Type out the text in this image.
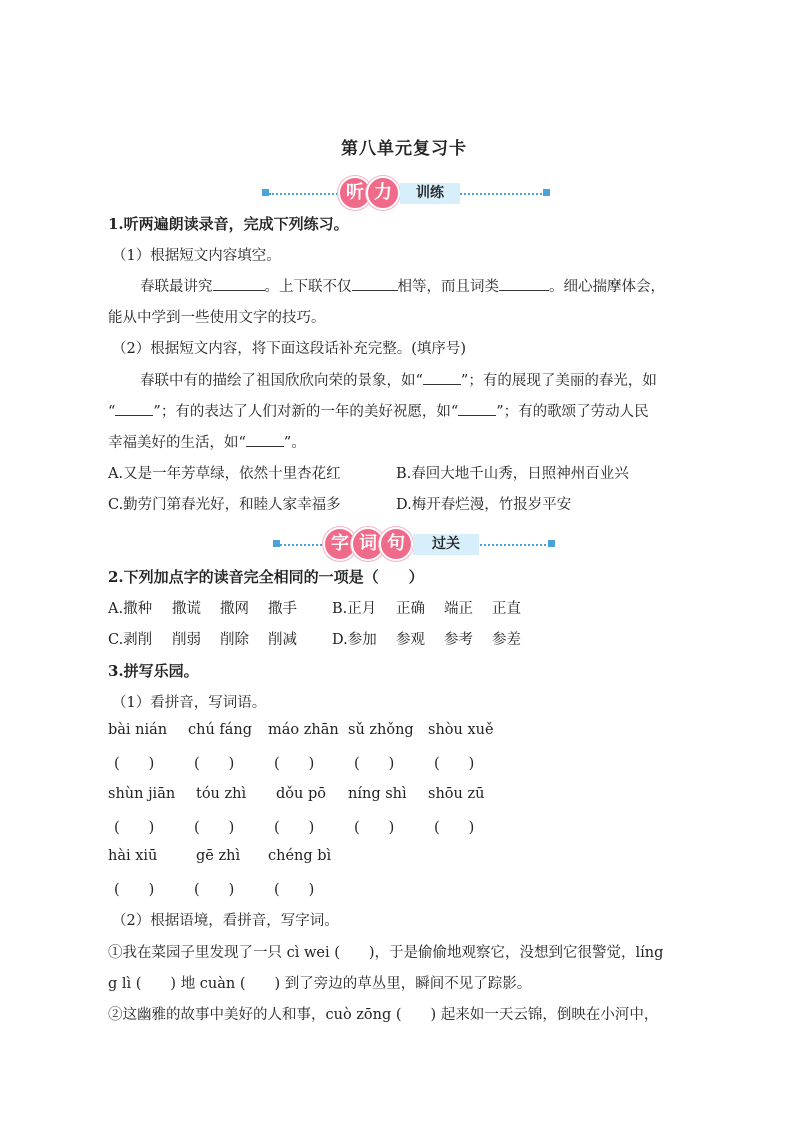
第八单元复习卡
听 力	训练
1.听两遍朗读录音，完成下列练习。
（1）根据短文内容填空。
春联最讲究	。上下联不仅	相等，而且词类	。细心揣摩体会，
能从中学到一些使用文字的技巧。
（2）根据短文内容，将下面这段话补充完整。(填序号)
春联中有的描绘了祖国欣欣向荣的景象，如“	”；有的展现了美丽的春光，如
“	”；有的表达了人们对新的一年的美好祝愿，如“	”；有的歌颂了劳动人民
幸福美好的生活，如“	”。
A.又是一年芳草绿，依然十里杏花红	B.春回大地千山秀，日照神州百业兴
C.勤劳门第春光好，和睦人家幸福多	D.梅开春烂漫，竹报岁平安
字 词 句	过关
2.下列加点字的读音完全相同的一项是（　　）
A.撒种 撒谎 撒网 撒手 B.正月 正确 端正 正直
C.剥削 削弱 削除 削减 D.参加 参观 参考 参差
3.拼写乐园。
（1）看拼音，写词语。
bài nián chú fáng máo zhān sǔ zhǒng shòu xuě
(　　)	(　　)	(　　)	(　　)	(　　)
shùn jiān tóu zhì dǒu pō níng shì shōu zū
(　　)	(　　)	(　　)	(　　)	(　　)
hài xiū	gē zhì chéng bì
(　　)	(　　)	(　　)
（2）根据语境，看拼音，写字词。
①我在菜园子里发现了一只 cì wei (　　)，于是偷偷地观察它，没想到它很警觉，líng
g lì (　　) 地 cuàn (　　) 到了旁边的草丛里，瞬间不见了踪影。
②这幽雅的故事中美好的人和事，cuò zōng (　　) 起来如一天云锦，倒映在小河中，
